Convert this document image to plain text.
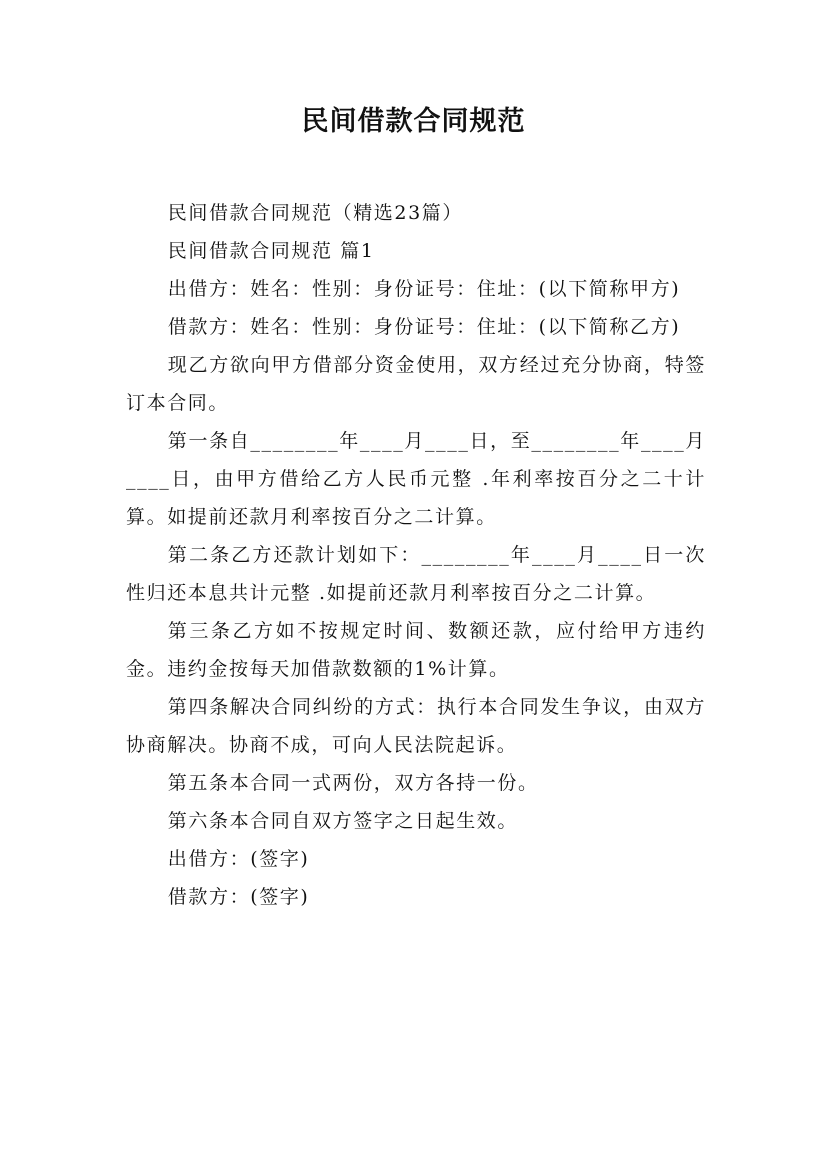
民间借款合同规范

民间借款合同规范（精选23篇）

民间借款合同规范 篇1

出借方：姓名：性别：身份证号：住址：(以下简称甲方)

借款方：姓名：性别：身份证号：住址：(以下简称乙方)

现乙方欲向甲方借部分资金使用，双方经过充分协商，特签订本合同。

第一条自________年____月____日，至________年____月____日，由甲方借给乙方人民币元整 .年利率按百分之二十计算。如提前还款月利率按百分之二计算。

第二条乙方还款计划如下：________年____月____日一次性归还本息共计元整 .如提前还款月利率按百分之二计算。

第三条乙方如不按规定时间、数额还款，应付给甲方违约金。违约金按每天加借款数额的1%计算。

第四条解决合同纠纷的方式：执行本合同发生争议，由双方协商解决。协商不成，可向人民法院起诉。

第五条本合同一式两份，双方各持一份。

第六条本合同自双方签字之日起生效。

出借方：(签字)

借款方：(签字)
